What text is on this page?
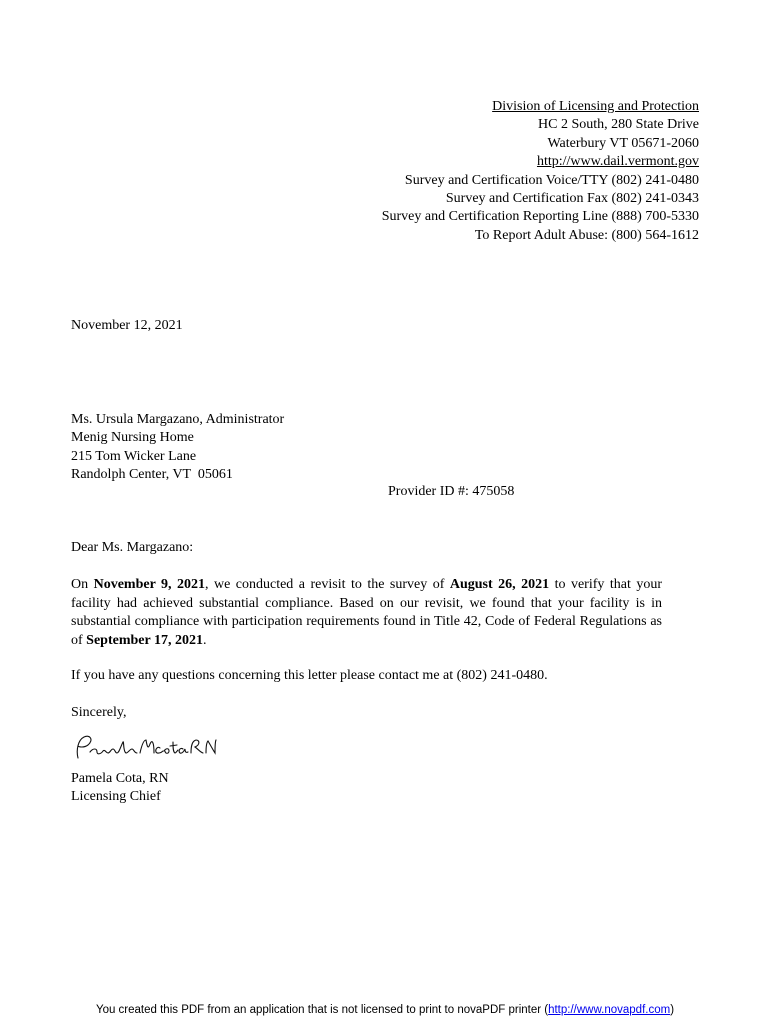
Division of Licensing and Protection
HC 2 South, 280 State Drive
Waterbury VT 05671-2060
http://www.dail.vermont.gov
Survey and Certification Voice/TTY (802) 241-0480
Survey and Certification Fax (802) 241-0343
Survey and Certification Reporting Line (888) 700-5330
To Report Adult Abuse: (800) 564-1612
November 12, 2021
Ms. Ursula Margazano, Administrator
Menig Nursing Home
215 Tom Wicker Lane
Randolph Center, VT  05061
Provider ID #: 475058
Dear Ms. Margazano:
On November 9, 2021, we conducted a revisit to the survey of August 26, 2021 to verify that your facility had achieved substantial compliance. Based on our revisit, we found that your facility is in substantial compliance with participation requirements found in Title 42, Code of Federal Regulations as of September 17, 2021.
If you have any questions concerning this letter please contact me at (802) 241-0480.
Sincerely,
Pamela Cota, RN
Licensing Chief
You created this PDF from an application that is not licensed to print to novaPDF printer (http://www.novapdf.com)
